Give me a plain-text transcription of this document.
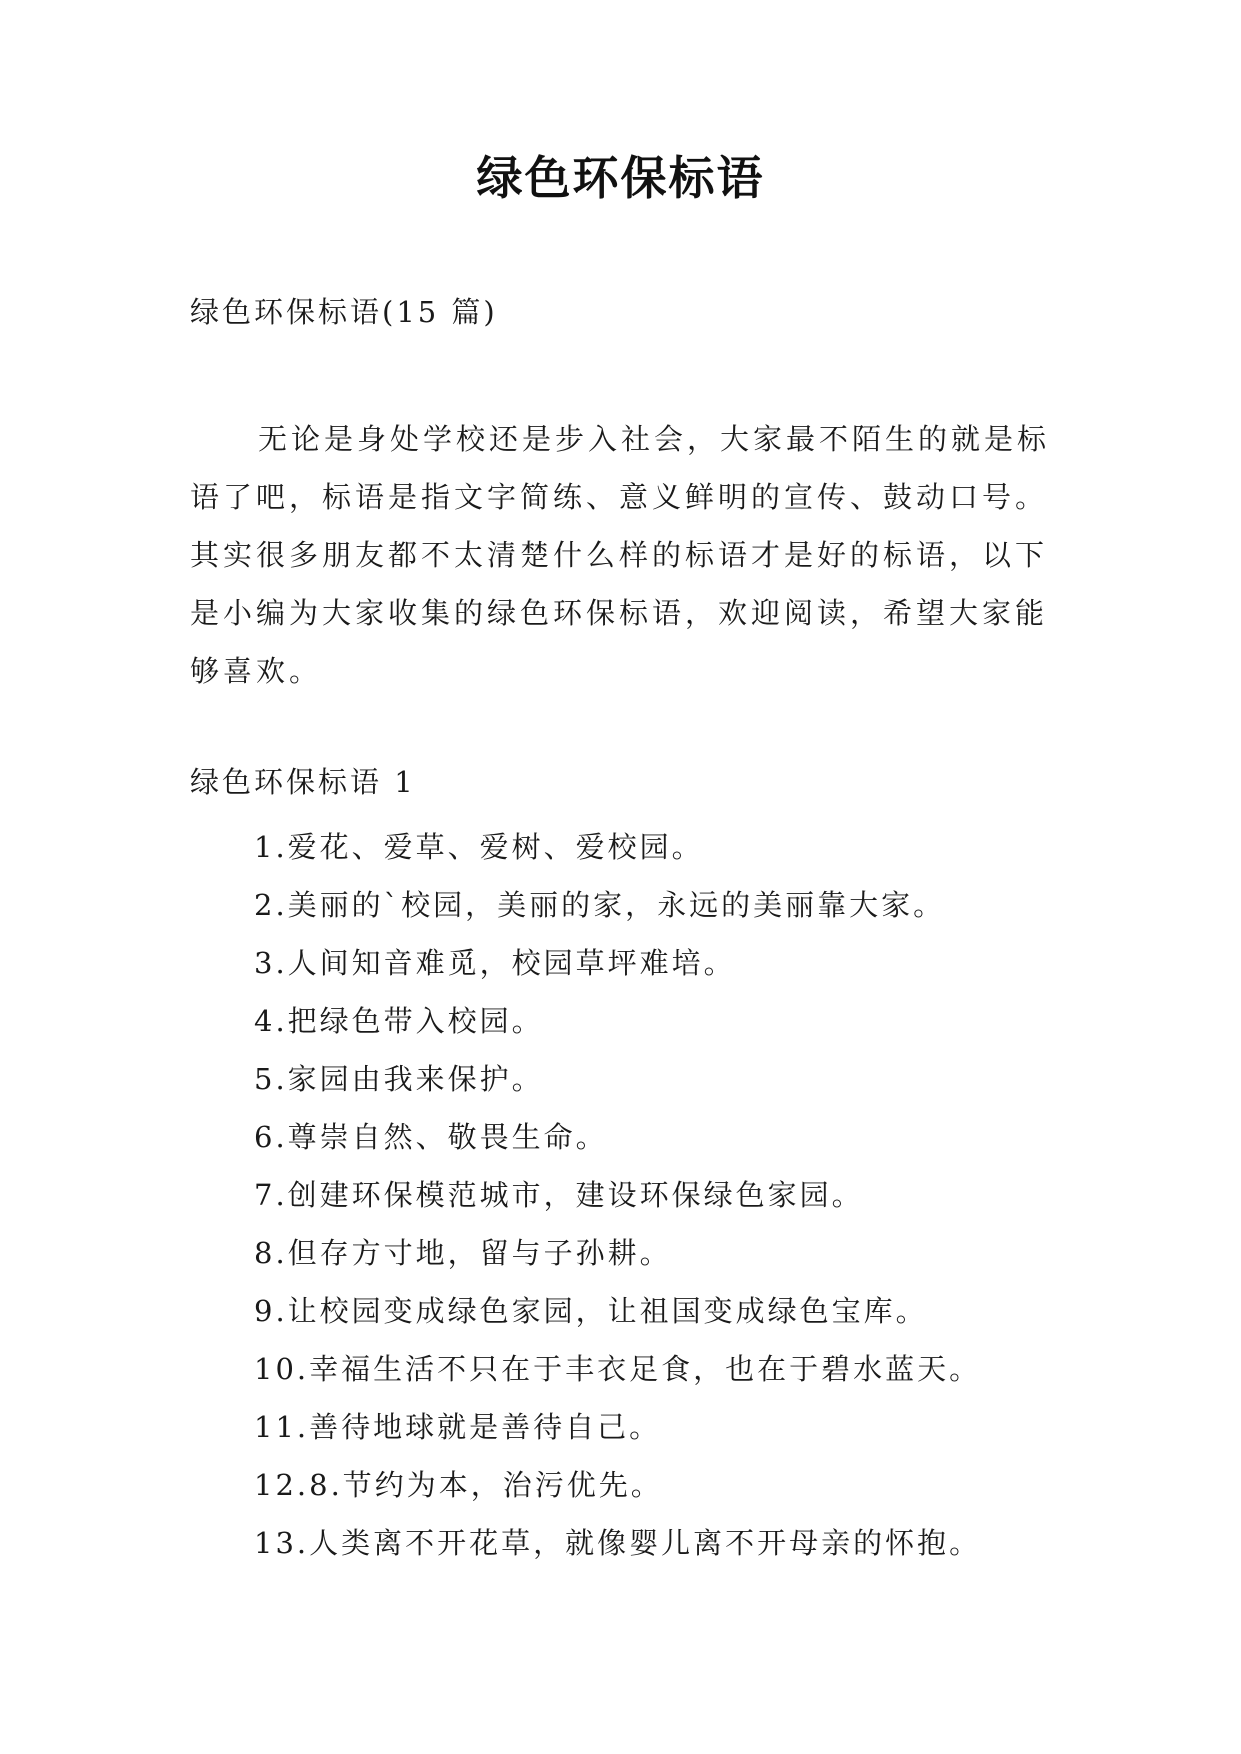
绿色环保标语
绿色环保标语(15 篇)

无论是身处学校还是步入社会，大家最不陌生的就是标语了吧，标语是指文字简练、意义鲜明的宣传、鼓动口号。其实很多朋友都不太清楚什么样的标语才是好的标语，以下是小编为大家收集的绿色环保标语，欢迎阅读，希望大家能够喜欢。

绿色环保标语 1
1.爱花、爱草、爱树、爱校园。
2.美丽的`校园，美丽的家，永远的美丽靠大家。
3.人间知音难觅，校园草坪难培。
4.把绿色带入校园。
5.家园由我来保护。
6.尊崇自然、敬畏生命。
7.创建环保模范城市，建设环保绿色家园。
8.但存方寸地，留与子孙耕。
9.让校园变成绿色家园，让祖国变成绿色宝库。
10.幸福生活不只在于丰衣足食，也在于碧水蓝天。
11.善待地球就是善待自己。
12.8.节约为本，治污优先。
13.人类离不开花草，就像婴儿离不开母亲的怀抱。
